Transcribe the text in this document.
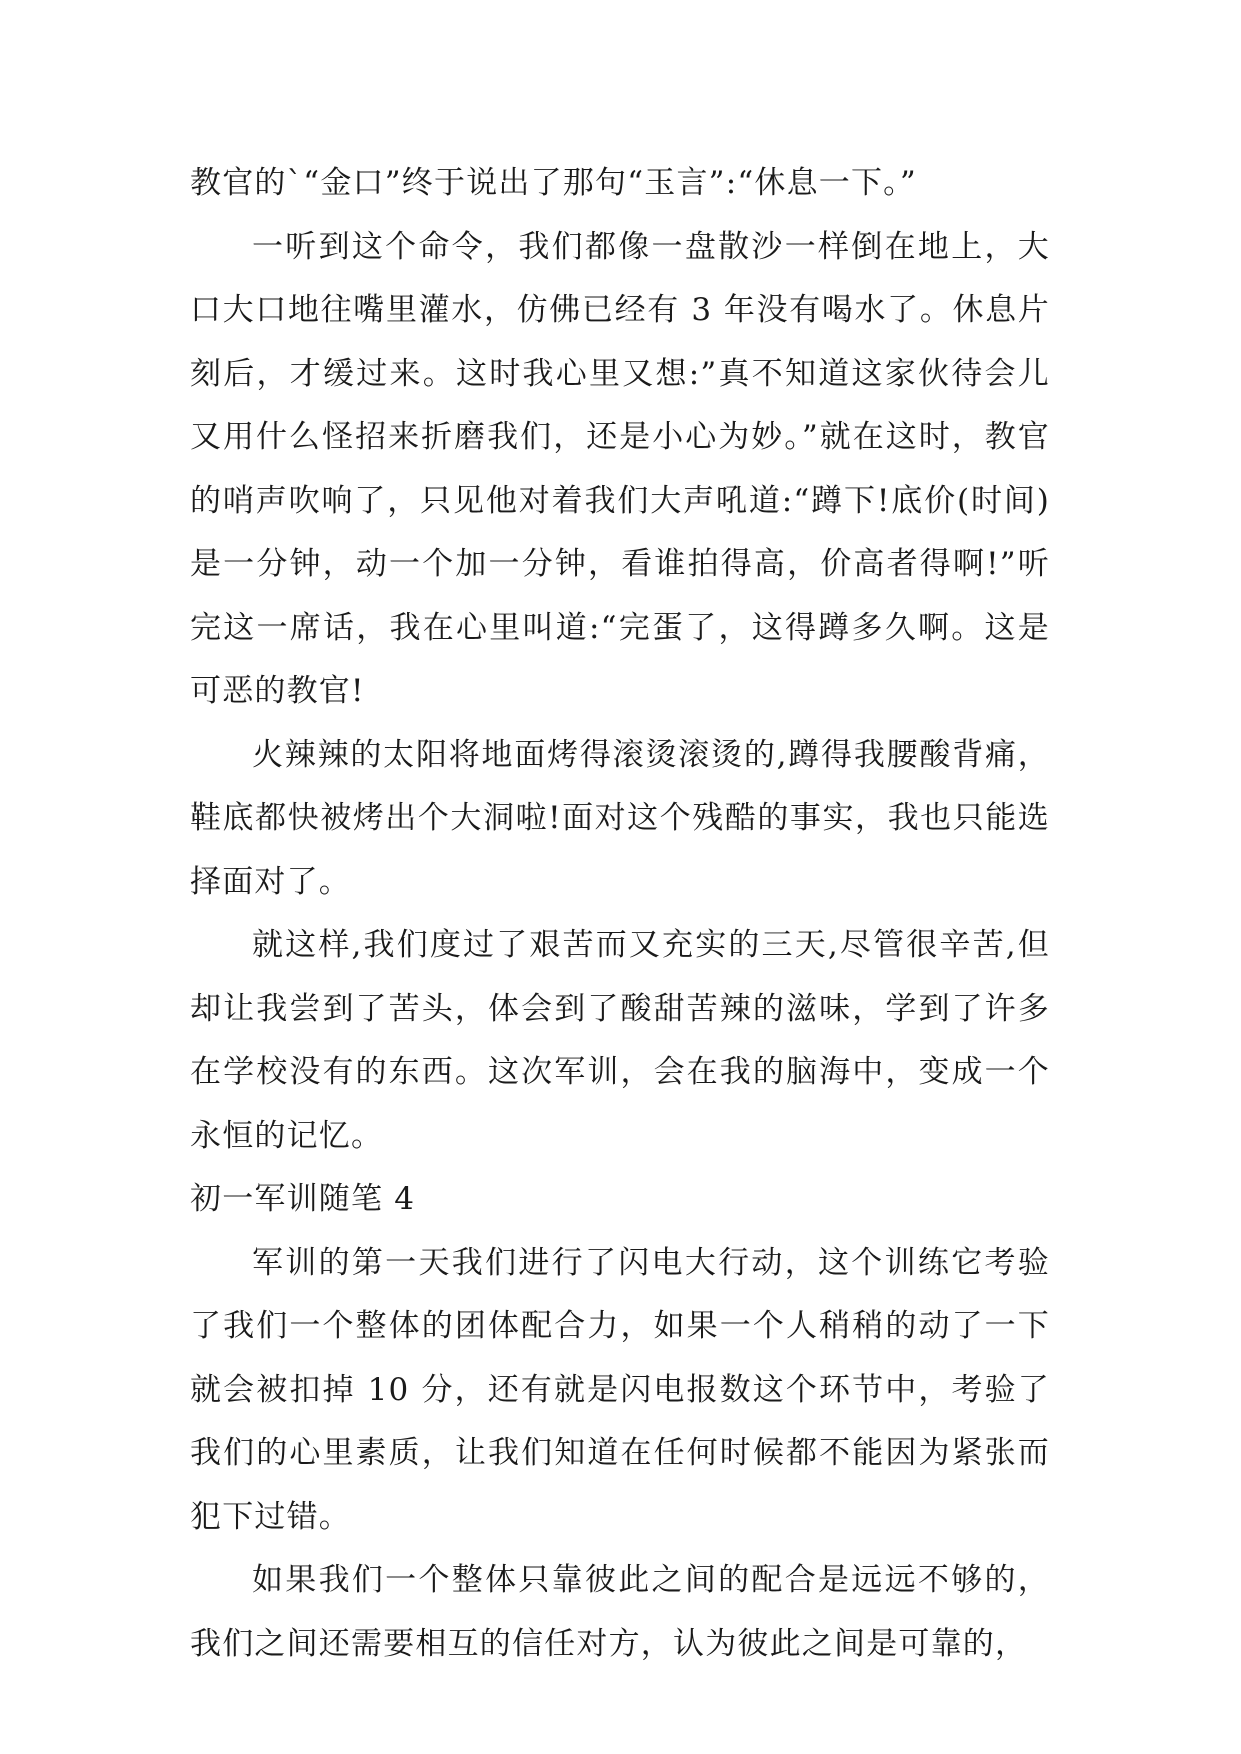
教官的`“金口”终于说出了那句“玉言”:“休息一下。”

一听到这个命令，我们都像一盘散沙一样倒在地上，大口大口地往嘴里灌水，仿佛已经有 3 年没有喝水了。休息片刻后，才缓过来。这时我心里又想:”真不知道这家伙待会儿又用什么怪招来折磨我们，还是小心为妙。”就在这时，教官的哨声吹响了，只见他对着我们大声吼道:“蹲下!底价(时间)是一分钟，动一个加一分钟，看谁拍得高，价高者得啊!”听完这一席话，我在心里叫道:“完蛋了，这得蹲多久啊。这是可恶的教官!

火辣辣的太阳将地面烤得滚烫滚烫的,蹲得我腰酸背痛，鞋底都快被烤出个大洞啦!面对这个残酷的事实，我也只能选择面对了。

就这样,我们度过了艰苦而又充实的三天,尽管很辛苦,但却让我尝到了苦头，体会到了酸甜苦辣的滋味，学到了许多在学校没有的东西。这次军训，会在我的脑海中，变成一个永恒的记忆。

初一军训随笔 4

军训的第一天我们进行了闪电大行动，这个训练它考验了我们一个整体的团体配合力，如果一个人稍稍的动了一下就会被扣掉 10 分，还有就是闪电报数这个环节中，考验了我们的心里素质，让我们知道在任何时候都不能因为紧张而犯下过错。

如果我们一个整体只靠彼此之间的配合是远远不够的，我们之间还需要相互的信任对方，认为彼此之间是可靠的，
